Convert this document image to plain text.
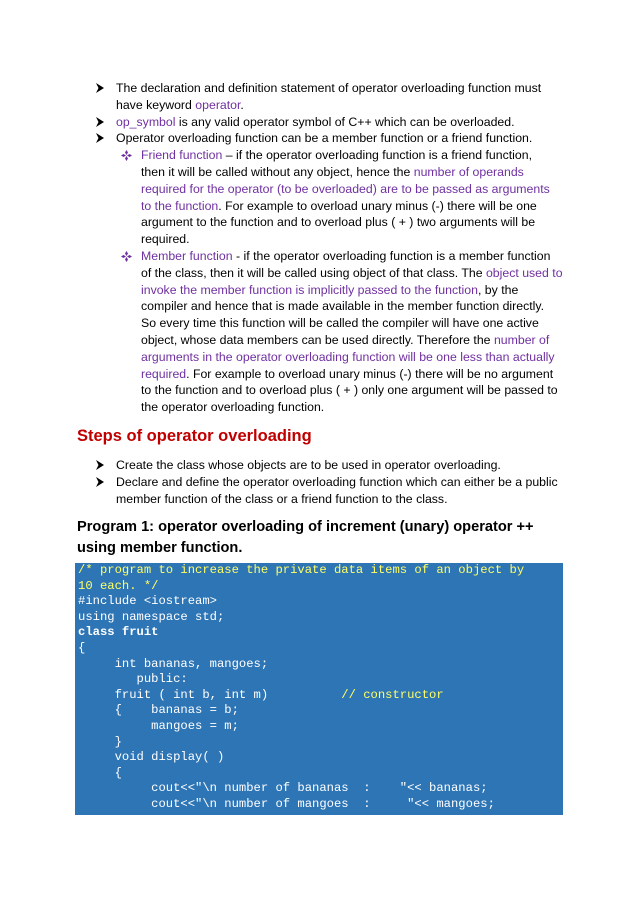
The declaration and definition statement of operator overloading function must
have keyword operator.
op_symbol is any valid operator symbol of C++ which can be overloaded.
Operator overloading function can be a member function or a friend function.
Friend function – if the operator overloading function is a friend function,
then it will be called without any object, hence the number of operands
required for the operator (to be overloaded) are to be passed as arguments
to the function. For example to overload unary minus (-) there will be one
argument to the function and to overload plus ( + ) two arguments will be
required.
Member function - if the operator overloading function is a member function
of the class, then it will be called using object of that class. The object used to
invoke the member function is implicitly passed to the function, by the
compiler and hence that is made available in the member function directly.
So every time this function will be called the compiler will have one active
object, whose data members can be used directly. Therefore the number of
arguments in the operator overloading function will be one less than actually
required. For example to overload unary minus (-) there will be no argument
to the function and to overload plus ( + ) only one argument will be passed to
the operator overloading function.
Steps of operator overloading
Create the class whose objects are to be used in operator overloading.
Declare and define the operator overloading function which can either be a public member function of the class or a friend function to the class.
Program 1: operator overloading of increment (unary) operator ++ using member function.
/* program to increase the private data items of an object by
10 each. */
#include <iostream>
using namespace std;
class fruit
{
int bananas, mangoes;
public:
fruit ( int b, int m)          // constructor
{    bananas = b;
mangoes = m;
}
void display( )
{
cout<<"\n number of bananas  :    "<< bananas;
cout<<"\n number of mangoes  :     "<< mangoes;
